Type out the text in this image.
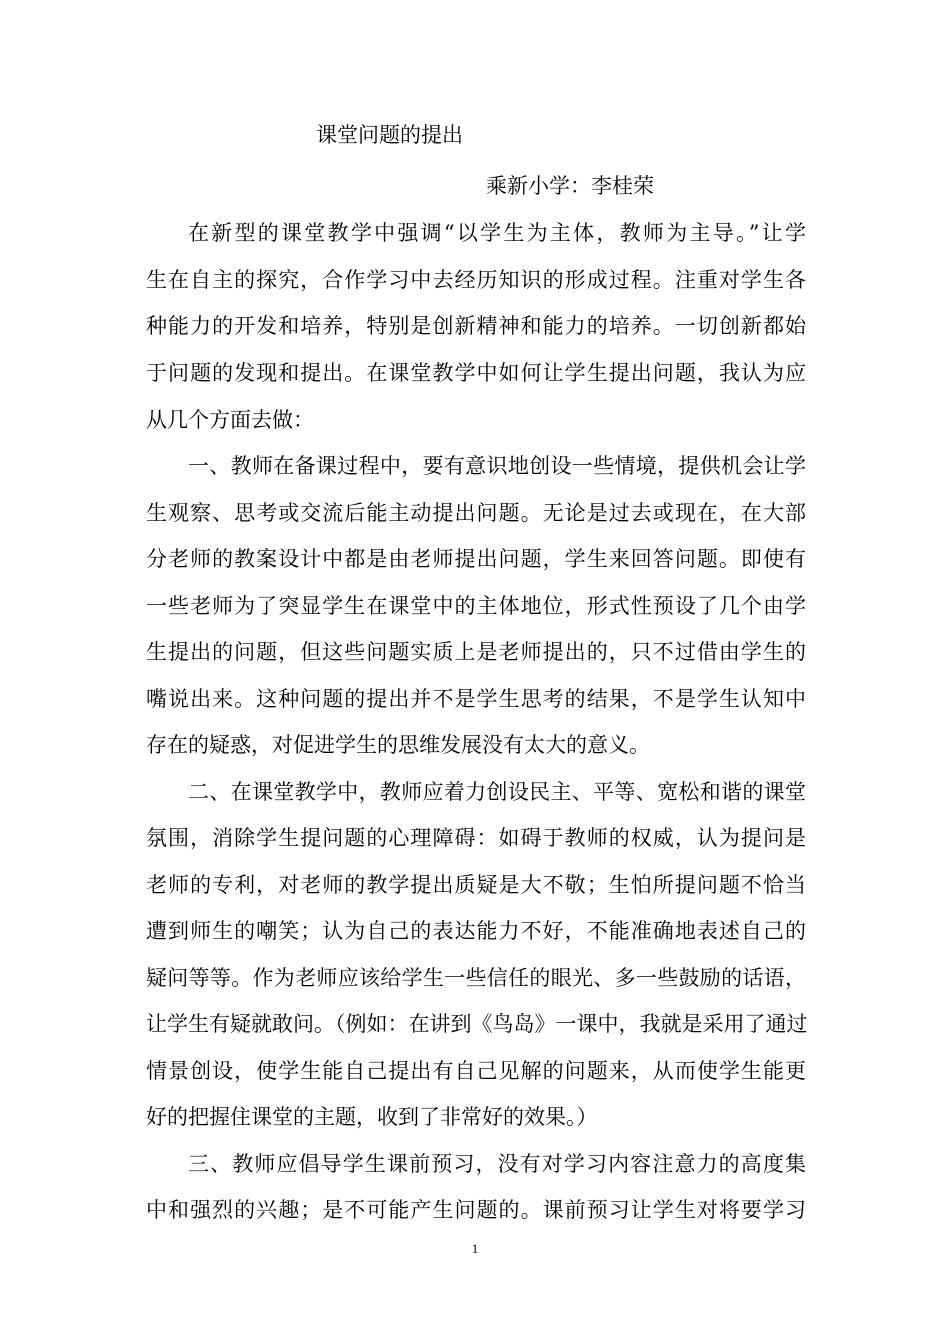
课堂问题的提出
乘新小学：李桂荣
在新型的课堂教学中强调“以学生为主体，教师为主导。”让学
生在自主的探究，合作学习中去经历知识的形成过程。注重对学生各
种能力的开发和培养，特别是创新精神和能力的培养。一切创新都始
于问题的发现和提出。在课堂教学中如何让学生提出问题，我认为应
从几个方面去做：
一、教师在备课过程中，要有意识地创设一些情境，提供机会让学
生观察、思考或交流后能主动提出问题。无论是过去或现在，在大部
分老师的教案设计中都是由老师提出问题，学生来回答问题。即使有
一些老师为了突显学生在课堂中的主体地位，形式性预设了几个由学
生提出的问题，但这些问题实质上是老师提出的，只不过借由学生的
嘴说出来。这种问题的提出并不是学生思考的结果，不是学生认知中
存在的疑惑，对促进学生的思维发展没有太大的意义。
二、在课堂教学中，教师应着力创设民主、平等、宽松和谐的课堂
氛围，消除学生提问题的心理障碍：如碍于教师的权威，认为提问是
老师的专利，对老师的教学提出质疑是大不敬；生怕所提问题不恰当
遭到师生的嘲笑；认为自己的表达能力不好，不能准确地表述自己的
疑问等等。作为老师应该给学生一些信任的眼光、多一些鼓励的话语，
让学生有疑就敢问。（例如：在讲到《鸟岛》一课中，我就是采用了通过
情景创设，使学生能自己提出有自己见解的问题来，从而使学生能更
好的把握住课堂的主题，收到了非常好的效果。）
三、教师应倡导学生课前预习，没有对学习内容注意力的高度集
中和强烈的兴趣；是不可能产生问题的。课前预习让学生对将要学习
1
